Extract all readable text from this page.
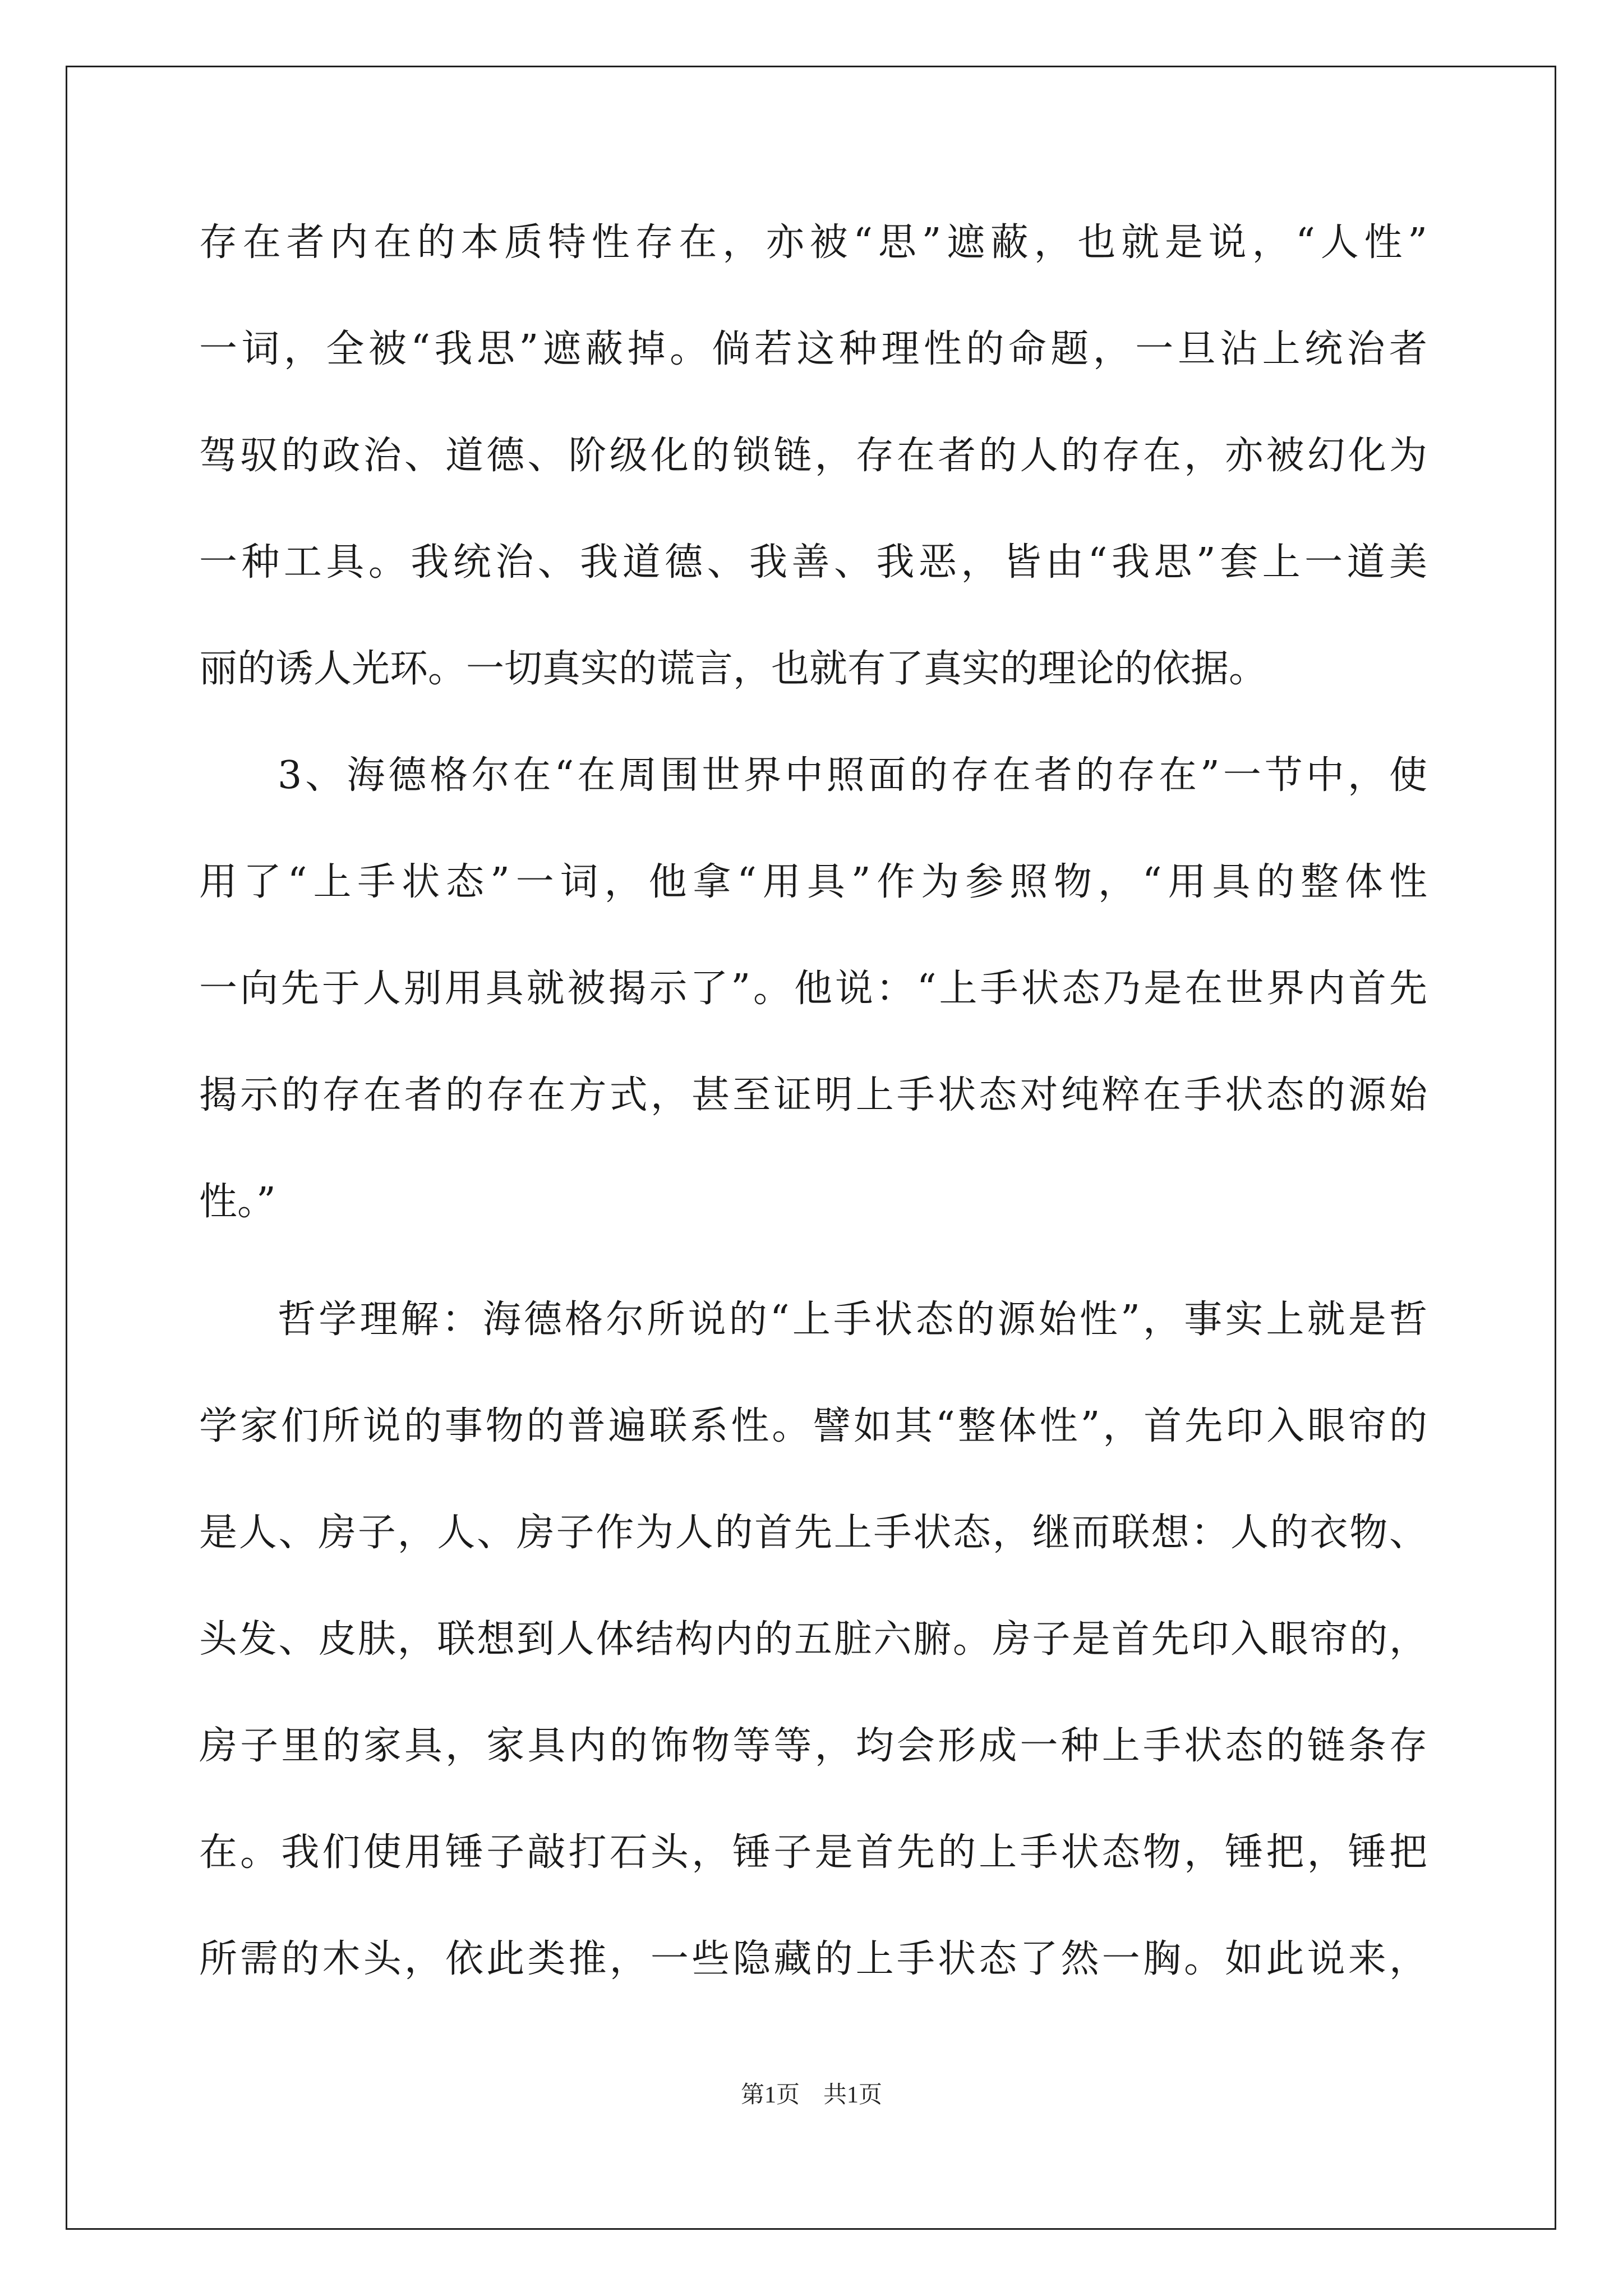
存在者内在的本质特性存在，亦被“思”遮蔽，也就是说，“人性”
一词，全被“我思”遮蔽掉。倘若这种理性的命题，一旦沾上统治者
驾驭的政治、道德、阶级化的锁链，存在者的人的存在，亦被幻化为
一种工具。我统治、我道德、我善、我恶，皆由“我思”套上一道美
丽的诱人光环。一切真实的谎言，也就有了真实的理论的依据。
3、海德格尔在“在周围世界中照面的存在者的存在”一节中，使
用了“上手状态”一词，他拿“用具”作为参照物，“用具的整体性
一向先于人别用具就被揭示了”。他说：“上手状态乃是在世界内首先
揭示的存在者的存在方式，甚至证明上手状态对纯粹在手状态的源始
性。”
哲学理解：海德格尔所说的“上手状态的源始性”，事实上就是哲
学家们所说的事物的普遍联系性。譬如其“整体性”，首先印入眼帘的
是人、房子，人、房子作为人的首先上手状态，继而联想：人的衣物、
头发、皮肤，联想到人体结构内的五脏六腑。房子是首先印入眼帘的，
房子里的家具，家具内的饰物等等，均会形成一种上手状态的链条存
在。我们使用锤子敲打石头，锤子是首先的上手状态物，锤把，锤把
所需的木头，依此类推，一些隐藏的上手状态了然一胸。如此说来，
第1页　共1页
